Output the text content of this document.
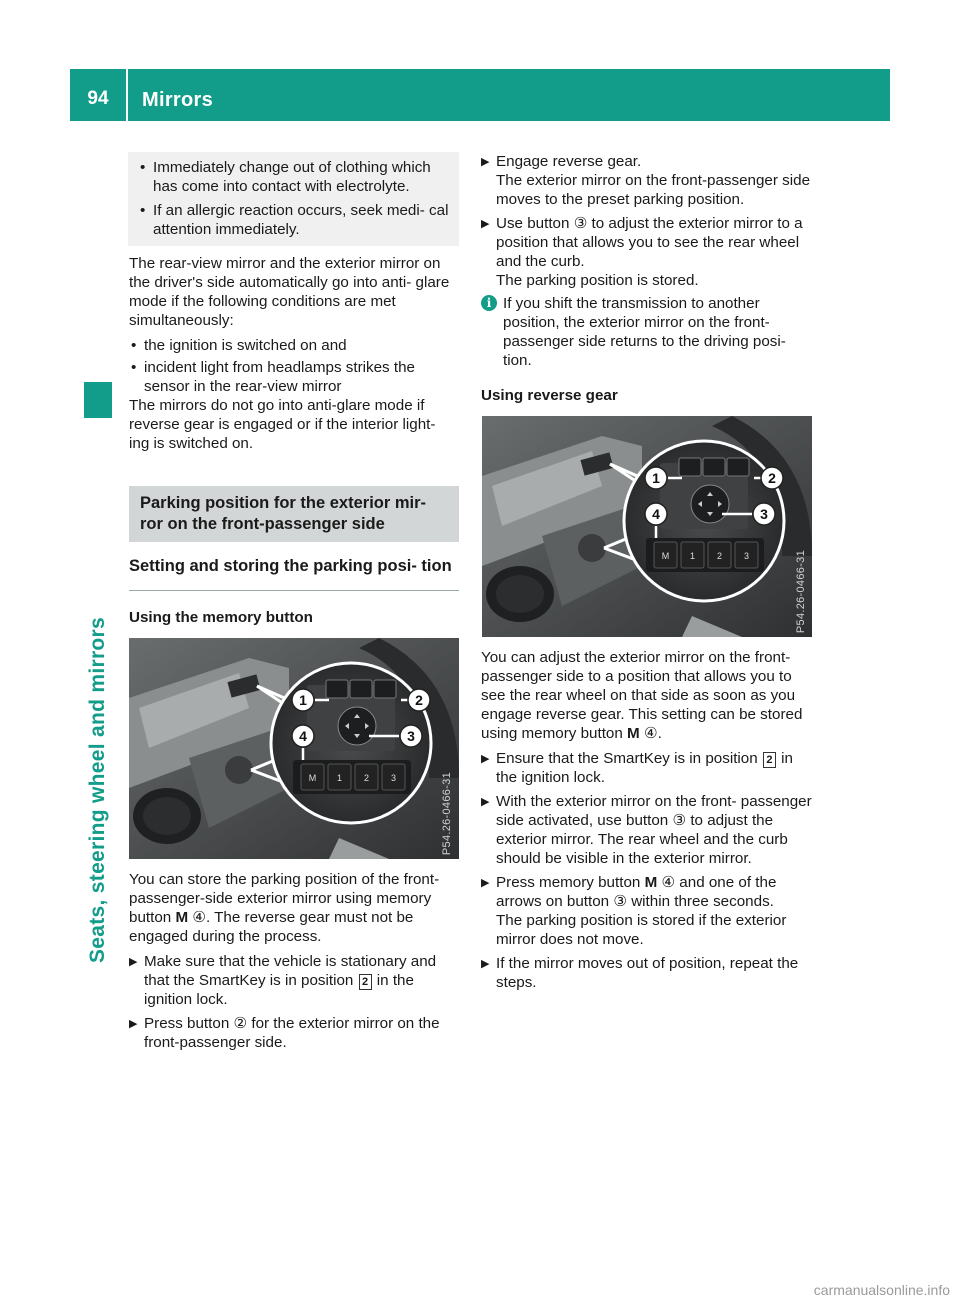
94	Mirrors
Seats, steering wheel and mirrors

• Immediately change out of clothing which has come into contact with electrolyte.

• If an allergic reaction occurs, seek medi- cal attention immediately.

The rear-view mirror and the exterior mirror on the driver's side automatically go into anti- glare mode if the following conditions are met simultaneously:

• the ignition is switched on and

• incident light from headlamps strikes the sensor in the rear-view mirror

The mirrors do not go into anti-glare mode if reverse gear is engaged or if the interior light- ing is switched on.

Parking position for the exterior mir- ror on the front-passenger side
Setting and storing the parking posi- tion
Using the memory button
M 1 2 3
1	2
3
4
P54.26-0466-31

You can store the parking position of the front- passenger-side exterior mirror using memory button M ④. The reverse gear must not be engaged during the process.

▶ Make sure that the vehicle is stationary and that the SmartKey is in position 2 in the ignition lock.

▶ Press button ② for the exterior mirror on the front-passenger side.

▶ Engage reverse gear.
The exterior mirror on the front-passenger side moves to the preset parking position.

▶ Use button ③ to adjust the exterior mirror to a position that allows you to see the rear wheel and the curb.
The parking position is stored.

i If you shift the transmission to another position, the exterior mirror on the front- passenger side returns to the driving posi- tion.
Using reverse gear
M 1 2 3
1	2
3
4
P54.26-0466-31

You can adjust the exterior mirror on the front- passenger side to a position that allows you to see the rear wheel on that side as soon as you engage reverse gear. This setting can be stored using memory button M ④.

▶ Ensure that the SmartKey is in position 2 in the ignition lock.

▶ With the exterior mirror on the front- passenger side activated, use button ③ to adjust the exterior mirror. The rear wheel and the curb should be visible in the exterior mirror.

▶ Press memory button M ④ and one of the arrows on button ③ within three seconds.
The parking position is stored if the exterior mirror does not move.

▶ If the mirror moves out of position, repeat the steps.

carmanualsonline.info
